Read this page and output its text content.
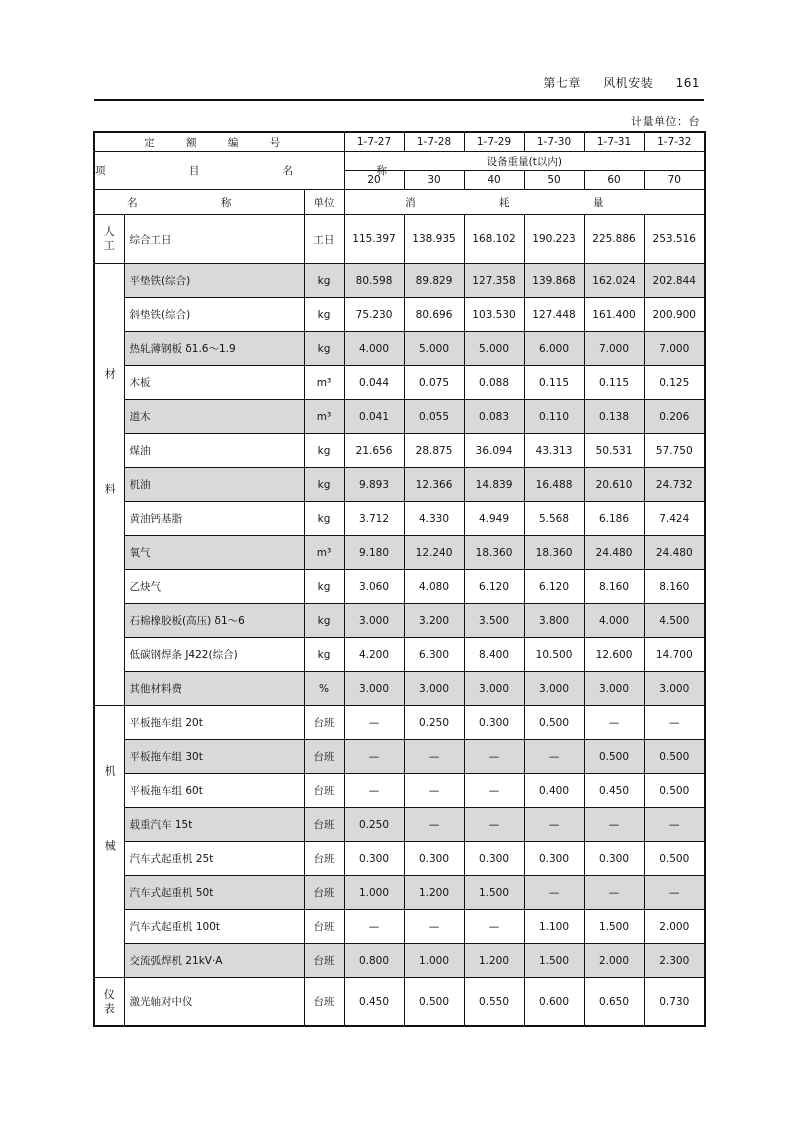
第七章 风机安装 161
计量单位：台
定 额 编 号			1-7-27	1-7-28	1-7-29	1-7-30	1-7-31	1-7-32
项 目 名 称			设备重量(t以内)					
			20	30	40	50	60	70
名 称		单位	消 耗 量					
人工	综合工日	工日	115.397	138.935	168.102	190.223	225.886	253.516
材料	平垫铁(综合)	kg	80.598	89.829	127.358	139.868	162.024	202.844
	斜垫铁(综合)	kg	75.230	80.696	103.530	127.448	161.400	200.900
	热轧薄钢板 δ1.6～1.9	kg	4.000	5.000	5.000	6.000	7.000	7.000
	木板	m³	0.044	0.075	0.088	0.115	0.115	0.125
	道木	m³	0.041	0.055	0.083	0.110	0.138	0.206
	煤油	kg	21.656	28.875	36.094	43.313	50.531	57.750
	机油	kg	9.893	12.366	14.839	16.488	20.610	24.732
	黄油钙基脂	kg	3.712	4.330	4.949	5.568	6.186	7.424
	氧气	m³	9.180	12.240	18.360	18.360	24.480	24.480
	乙炔气	kg	3.060	4.080	6.120	6.120	8.160	8.160
	石棉橡胶板(高压) δ1～6	kg	3.000	3.200	3.500	3.800	4.000	4.500
	低碳钢焊条 J422(综合)	kg	4.200	6.300	8.400	10.500	12.600	14.700
	其他材料费	%	3.000	3.000	3.000	3.000	3.000	3.000
机械	平板拖车组 20t	台班	—	0.250	0.300	0.500	—	—
	平板拖车组 30t	台班	—	—	—	—	0.500	0.500
	平板拖车组 60t	台班	—	—	—	0.400	0.450	0.500
	载重汽车 15t	台班	0.250	—	—	—	—	—
	汽车式起重机 25t	台班	0.300	0.300	0.300	0.300	0.300	0.500
	汽车式起重机 50t	台班	1.000	1.200	1.500	—	—	—
	汽车式起重机 100t	台班	—	—	—	1.100	1.500	2.000
	交流弧焊机 21kV·A	台班	0.800	1.000	1.200	1.500	2.000	2.300
仪表	激光轴对中仪	台班	0.450	0.500	0.550	0.600	0.650	0.730
